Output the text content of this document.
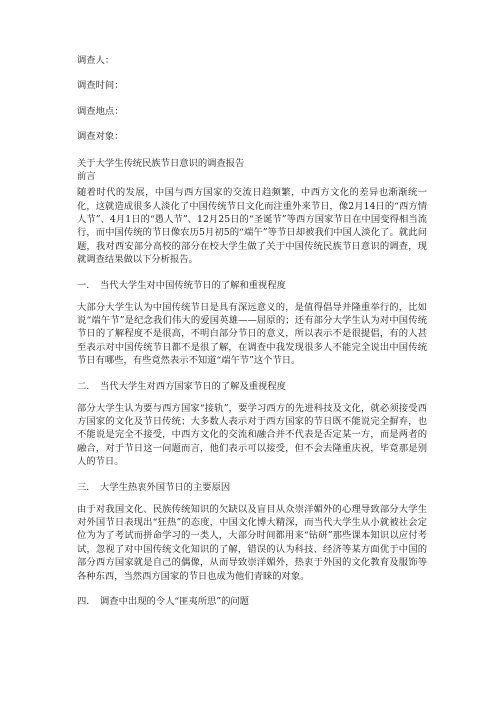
调查人：
调查时间：
调查地点：
调查对象：
关于大学生传统民族节日意识的调查报告
前言

随着时代的发展，中国与西方国家的交流日趋频繁，中西方文化的差异也渐渐统一化，这就造成很多人淡化了中国传统节日文化而注重外来节日，像2月14日的“西方情人节”、4月1日的“愚人节”、12月25日的“圣诞节”等西方国家节日在中国变得相当流行，而中国传统的节日像农历5月初5的“端午”等节日却被我们中国人淡化了。就此问题，我对西安部分高校的部分在校大学生做了关于中国传统民族节日意识的调查，现就调查结果做以下分析报告。

一. 当代大学生对中国传统节日的了解和重视程度

大部分大学生认为中国传统节日是具有深远意义的，是值得倡导并隆重举行的，比如说“端午节”是纪念我们伟大的爱国英雄——屈原的；还有部分大学生认为对中国传统节日的了解程度不是很高，不明白部分节日的意义，所以表示不是很提倡，有的人甚至表示对中国传统节日都不是很了解，在调查中我发现很多人不能完全说出中国传统节日有哪些，有些竟然表示不知道“端午节”这个节日。

二. 当代大学生对西方国家节日的了解及重视程度

部分大学生认为要与西方国家“接轨”，要学习西方的先进科技及文化，就必须接受西方国家的文化及节日传统；大多数人表示对于西方国家的节日既不能说完全摒弃，也不能说是完全不接受，中西方文化的交流和融合并不代表是否定某一方，而是两者的融合，对于节日这一问题而言，他们表示可以接受，但不会去隆重庆祝，毕竟那是别人的节日。

三. 大学生热衷外国节日的主要原因

由于对我国文化、民族传统知识的欠缺以及盲目从众崇洋媚外的心理导致部分大学生对外国节日表现出“狂热”的态度，中国文化博大精深，而当代大学生从小就被社会定位为为了考试而拼命学习的一类人，大部分时间都用来“钻研”那些课本知识以应付考试，忽视了对中国传统文化知识的了解，错误的认为科技、经济等某方面优于中国的部分西方国家就是自己的偶像，从而导致崇洋媚外，热衷于外国的文化教育及服饰等各种东西，当然西方国家的节日也成为他们青睐的对象。

四. 调查中出现的令人“匪夷所思”的问题
